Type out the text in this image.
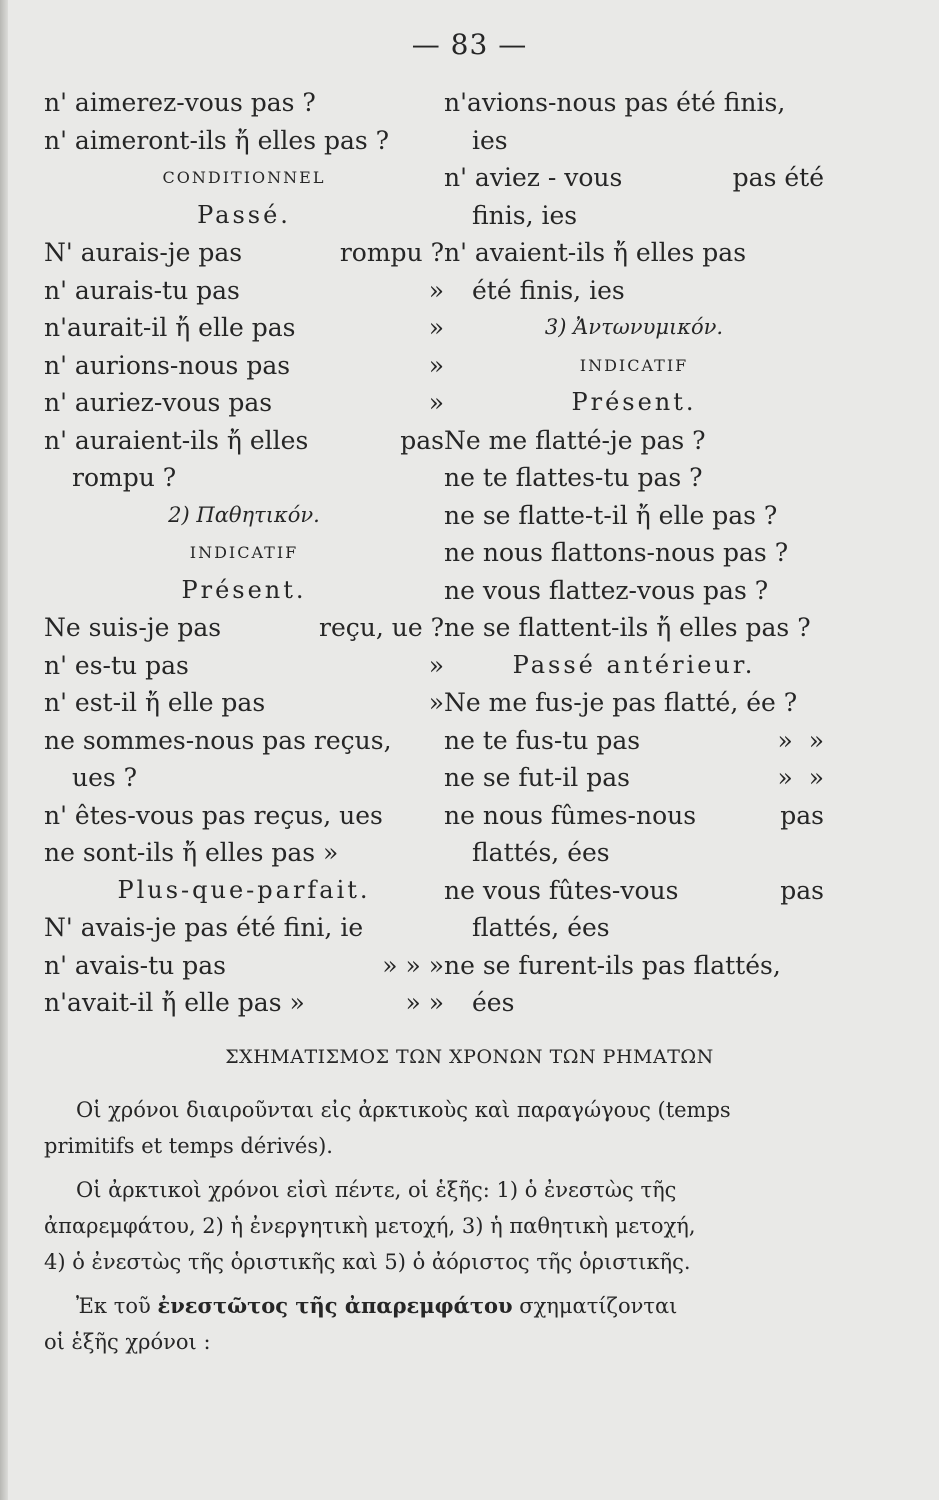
— 83 —
n' aimerez-vous pas ?
n' aimeront-ils ἤ elles pas ?
CONDITIONNEL
Passé.
N' aurais-je pas	rompu ?
n' aurais-tu pas	»
n'aurait-il ἤ elle pas	»
n' aurions-nous pas	»
n' auriez-vous pas	»
n' auraient-ils ἤ elles	pas
rompu ?
2) Παθητικόν.
INDICATIF
Présent.
Ne suis-je pas	reçu, ue ?
n' es-tu pas	»
n' est-il ἤ elle pas	»
ne sommes-nous pas reçus,
ues ?
n' êtes-vous pas reçus, ues
ne sont-ils ἤ elles pas »
Plus-que-parfait.
N' avais-je pas été fini, ie
n' avais-tu pas	» » »
n'avait-il ἤ elle pas »	» »
n'avions-nous pas été finis,
ies
n' aviez - vous	pas été
finis, ies
n' avaient-ils ἤ elles pas
été finis, ies
3) Ἀντωνυμικόν.
INDICATIF
Présent.
Ne me flatté-je pas ?
ne te flattes-tu pas ?
ne se flatte-t-il ἤ elle pas ?
ne nous flattons-nous pas ?
ne vous flattez-vous pas ?
ne se flattent-ils ἤ elles pas ?
Passé antérieur.
Ne me fus-je pas flatté, ée ?
ne te fus-tu pas	»  »
ne se fut-il pas	»  »
ne nous fûmes-nous	pas
flattés, ées
ne vous fûtes-vous	pas
flattés, ées
ne se furent-ils pas flattés,
ées
ΣΧΗΜΑΤΙΣΜΟΣ ΤΩΝ ΧΡΟΝΩΝ ΤΩΝ ΡΗΜΑΤΩΝ
Οἱ χρόνοι διαιροῦνται εἰς ἀρκτικοὺς καὶ παραγώγους (temps
primitifs et temps dérivés).
Οἱ ἀρκτικοὶ χρόνοι εἰσὶ πέντε, οἱ ἑξῆς: 1) ὁ ἐνεστὼς τῆς
ἀπαρεμφάτου, 2) ἡ ἐνεργητικὴ μετοχή, 3) ἡ παθητικὴ μετοχή,
4) ὁ ἐνεστὼς τῆς ὁριστικῆς καὶ 5) ὁ ἀόριστος τῆς ὁριστικῆς.
Ἐκ τοῦ ἐνεστῶτος τῆς ἀπαρεμφάτου σχηματίζονται
οἱ ἑξῆς χρόνοι :
